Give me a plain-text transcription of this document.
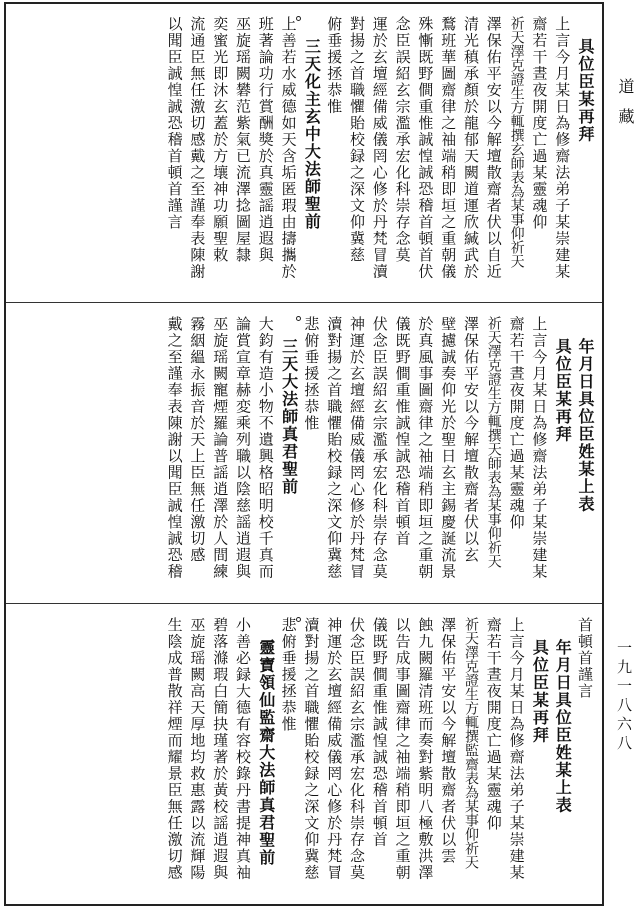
具位臣某再拜
上言今月某日為修齋法弟子某崇建某
齋若干晝夜開度亡過某靈魂仰
祈天澤克證生方輒撰玄師表為某事仰祈天
澤保佑平安以今解壇散齋者伏以自近
清光稹承顏於龍郁天闕道運欣緘武於
鶩班華圖齋律之䄂端稍即垣之重朝儀
殊慚既野僴重惟誠惶誠恐稽首頓首伏
念臣誤紹玄宗濫承宏化科崇存念莫
運於玄壇經備威儀罔心修於丹梵冒瀆
對揚之首職懼貽校録之深文仰冀慈
俯垂援拯恭惟
三天化主玄中大法師聖前
上善若水威德如天含垢匿瑕由擣攜於
班著論功行賞酬獎於真靈謡逍遐與
巫旋瑶闕礬范紫氣已流澤捻圖屋隸
奕蜜光即沐玄蓋於方壤神功願聖敕
流通臣無任激切感戴之至謹奉表陳謝
以聞臣誠惶誠恐稽首頓首謹言
年月日具位臣姓某上表
具位臣某再拜
上言今月某日為修齋法弟子某崇建某
齋若干晝夜開度亡過某靈魂仰
祈天澤克證生方輒撰天師表為某事仰祈天
澤保佑平安以今解壇散齋者伏以玄
壁攄誠奏仰光於聖日玄主錫慶誕流景
於真風事圖齋律之䄂端稍即垣之重朝
儀既野僴重惟誠惶誠恐稽首頓首
伏念臣誤紹玄宗濫承宏化科崇存念莫
神運於玄壇經備威儀罔心修於丹梵冒
瀆對揚之首職懼貽校録之深文仰冀慈
悲俯垂援拯恭惟
三天大法師真君聖前
大鈞有造小物不遺興格昭明校千真而
論賞宣章赫変乘列職以陰慈謡逍遐與
巫旋瑶闕寵煙羅論普謡逍澤於人間練
霧絪縕永振音於天上臣無任激切感
戴之至謹奉表陳謝以聞臣誠惶誠恐稽
首頓首謹言
年月日具位臣姓某上表
具位臣某再拜
上言今月某日為修齋法弟子某崇建某
齋若干晝夜開度亡過某靈魂仰
祈天澤克證生方輒撰監齋表為某事仰祈天
澤保佑平安以今解壇散齋者伏以雲
蝕九闕羅清班而奏對紫明八極敷洪澤
以告成事圖齋律之䄂端稍即垣之重朝
儀既野僴重惟誠惶誠恐稽首頓首
伏念臣誤紹玄宗濫承宏化科崇存念莫
神運於玄壇經備威儀罔心修於丹梵冒
瀆對揚之首職懼貽校録之深文仰冀慈
悲俯垂援拯恭惟
靈寶領仙監齋大法師真君聖前
小善必録大德有容校錄丹書提神真䄂
碧落滌瑕白簡抉瑾著於黃校謡逍遐與
巫旋瑶闕高天厚地均救惠露以流輝陽
生陰成普散祥煙而耀景臣無任激切感
道藏
一九一八六八
